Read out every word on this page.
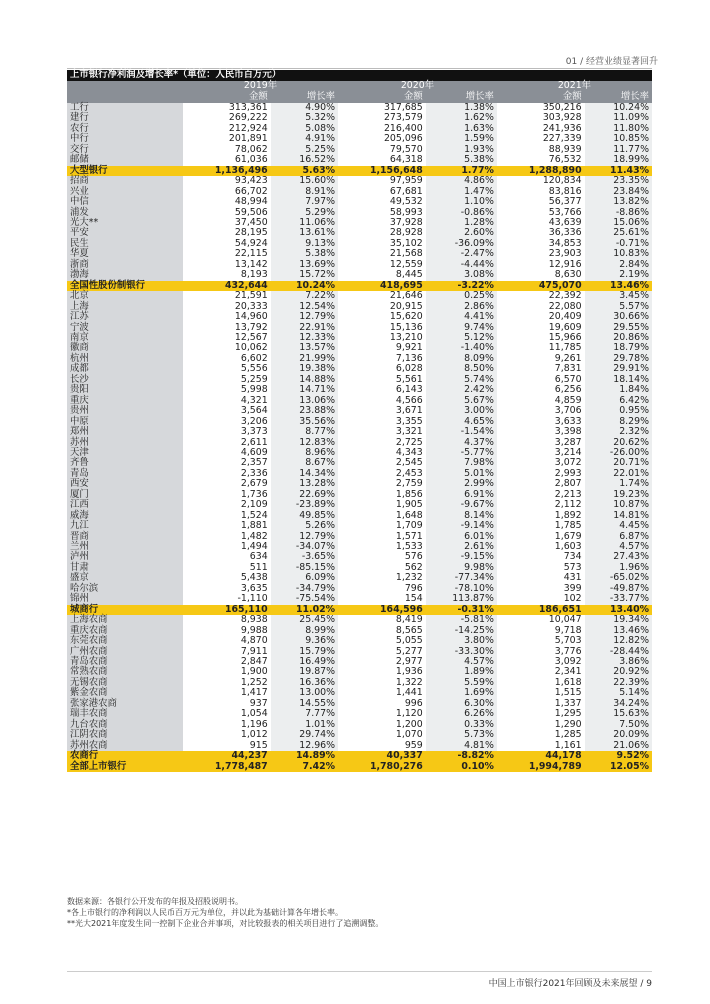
01 / 经营业绩显著回升
上市银行净利润及增长率*（单位：人民币百万元）						
	2019年		2020年		2021年	
	金额	增长率	金额	增长率	金额	增长率
工行	313,361	4.90%	317,685	1.38%	350,216	10.24%
建行	269,222	5.32%	273,579	1.62%	303,928	11.09%
农行	212,924	5.08%	216,400	1.63%	241,936	11.80%
中行	201,891	4.91%	205,096	1.59%	227,339	10.85%
交行	78,062	5.25%	79,570	1.93%	88,939	11.77%
邮储	61,036	16.52%	64,318	5.38%	76,532	18.99%
大型银行	1,136,496	5.63%	1,156,648	1.77%	1,288,890	11.43%
招商	93,423	15.60%	97,959	4.86%	120,834	23.35%
兴业	66,702	8.91%	67,681	1.47%	83,816	23.84%
中信	48,994	7.97%	49,532	1.10%	56,377	13.82%
浦发	59,506	5.29%	58,993	-0.86%	53,766	-8.86%
光大**	37,450	11.06%	37,928	1.28%	43,639	15.06%
平安	28,195	13.61%	28,928	2.60%	36,336	25.61%
民生	54,924	9.13%	35,102	-36.09%	34,853	-0.71%
华夏	22,115	5.38%	21,568	-2.47%	23,903	10.83%
浙商	13,142	13.69%	12,559	-4.44%	12,916	2.84%
渤海	8,193	15.72%	8,445	3.08%	8,630	2.19%
全国性股份制银行	432,644	10.24%	418,695	-3.22%	475,070	13.46%
北京	21,591	7.22%	21,646	0.25%	22,392	3.45%
上海	20,333	12.54%	20,915	2.86%	22,080	5.57%
江苏	14,960	12.79%	15,620	4.41%	20,409	30.66%
宁波	13,792	22.91%	15,136	9.74%	19,609	29.55%
南京	12,567	12.33%	13,210	5.12%	15,966	20.86%
徽商	10,062	13.57%	9,921	-1.40%	11,785	18.79%
杭州	6,602	21.99%	7,136	8.09%	9,261	29.78%
成都	5,556	19.38%	6,028	8.50%	7,831	29.91%
长沙	5,259	14.88%	5,561	5.74%	6,570	18.14%
贵阳	5,998	14.71%	6,143	2.42%	6,256	1.84%
重庆	4,321	13.06%	4,566	5.67%	4,859	6.42%
贵州	3,564	23.88%	3,671	3.00%	3,706	0.95%
中原	3,206	35.56%	3,355	4.65%	3,633	8.29%
郑州	3,373	8.77%	3,321	-1.54%	3,398	2.32%
苏州	2,611	12.83%	2,725	4.37%	3,287	20.62%
天津	4,609	8.96%	4,343	-5.77%	3,214	-26.00%
齐鲁	2,357	8.67%	2,545	7.98%	3,072	20.71%
青岛	2,336	14.34%	2,453	5.01%	2,993	22.01%
西安	2,679	13.28%	2,759	2.99%	2,807	1.74%
厦门	1,736	22.69%	1,856	6.91%	2,213	19.23%
江西	2,109	-23.89%	1,905	-9.67%	2,112	10.87%
威海	1,524	49.85%	1,648	8.14%	1,892	14.81%
九江	1,881	5.26%	1,709	-9.14%	1,785	4.45%
晋商	1,482	12.79%	1,571	6.01%	1,679	6.87%
兰州	1,494	-34.07%	1,533	2.61%	1,603	4.57%
泸州	634	-3.65%	576	-9.15%	734	27.43%
甘肃	511	-85.15%	562	9.98%	573	1.96%
盛京	5,438	6.09%	1,232	-77.34%	431	-65.02%
哈尔滨	3,635	-34.79%	796	-78.10%	399	-49.87%
锦州	-1,110	-75.54%	154	113.87%	102	-33.77%
城商行	165,110	11.02%	164,596	-0.31%	186,651	13.40%
上海农商	8,938	25.45%	8,419	-5.81%	10,047	19.34%
重庆农商	9,988	8.99%	8,565	-14.25%	9,718	13.46%
东莞农商	4,870	9.36%	5,055	3.80%	5,703	12.82%
广州农商	7,911	15.79%	5,277	-33.30%	3,776	-28.44%
青岛农商	2,847	16.49%	2,977	4.57%	3,092	3.86%
常熟农商	1,900	19.87%	1,936	1.89%	2,341	20.92%
无锡农商	1,252	16.36%	1,322	5.59%	1,618	22.39%
紫金农商	1,417	13.00%	1,441	1.69%	1,515	5.14%
张家港农商	937	14.55%	996	6.30%	1,337	34.24%
瑞丰农商	1,054	7.77%	1,120	6.26%	1,295	15.63%
九台农商	1,196	1.01%	1,200	0.33%	1,290	7.50%
江阴农商	1,012	29.74%	1,070	5.73%	1,285	20.09%
苏州农商	915	12.96%	959	4.81%	1,161	21.06%
农商行	44,237	14.89%	40,337	-8.82%	44,178	9.52%
全部上市银行	1,778,487	7.42%	1,780,276	0.10%	1,994,789	12.05%
数据来源：各银行公开发布的年报及招股说明书。
*各上市银行的净利润以人民币百万元为单位，并以此为基础计算各年增长率。
**光大2021年度发生同一控制下企业合并事项，对比较报表的相关项目进行了追溯调整。
中国上市银行2021年回顾及未来展望 / 9
